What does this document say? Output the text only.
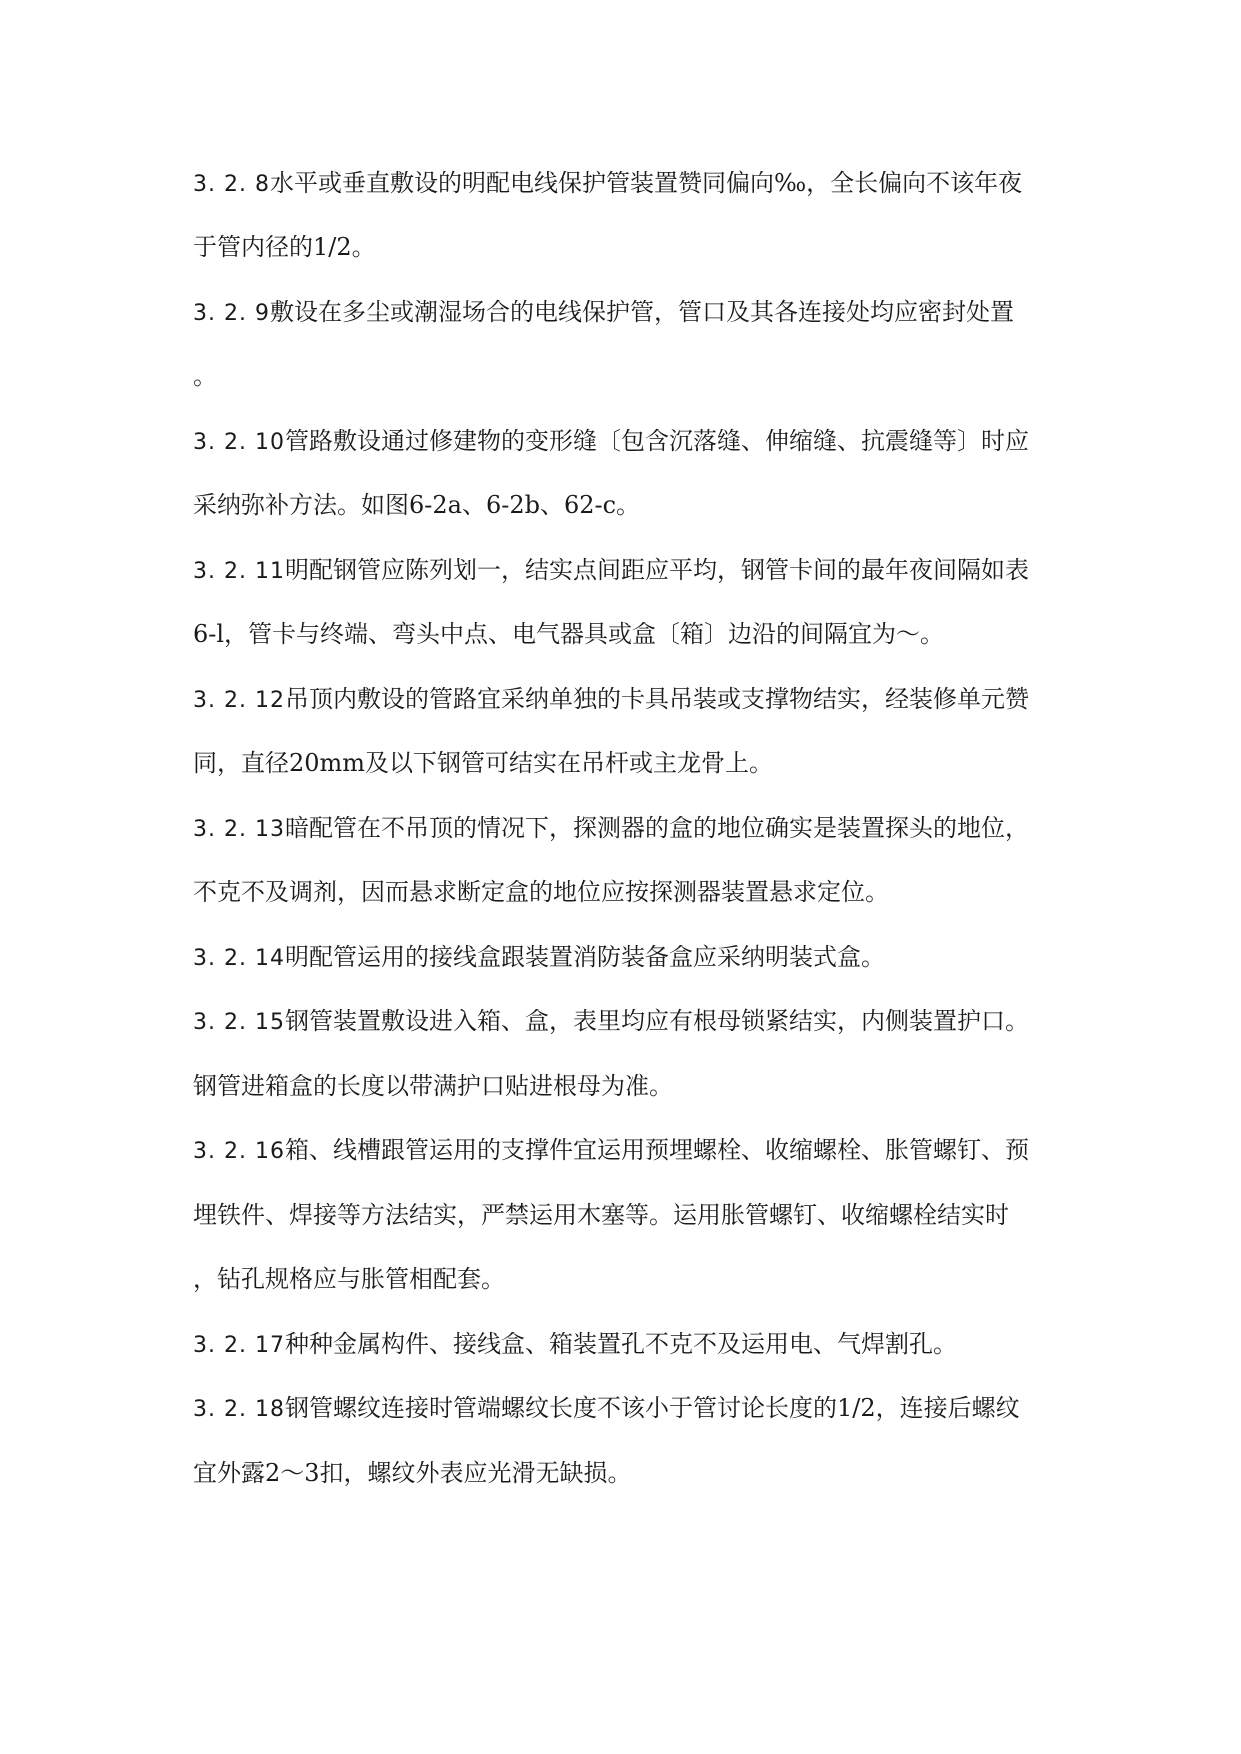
3. 2. 8水平或垂直敷设的明配电线保护管装置赞同偏向‰，全长偏向不该年夜
于管内径的1/2。
3. 2. 9敷设在多尘或潮湿场合的电线保护管，管口及其各连接处均应密封处置
。
3. 2. 10管路敷设通过修建物的变形缝〔包含沉落缝、伸缩缝、抗震缝等〕时应
采纳弥补方法。如图6-2a、6-2b、62-c。
3. 2. 11明配钢管应陈列划一，结实点间距应平均，钢管卡间的最年夜间隔如表
6-l，管卡与终端、弯头中点、电气器具或盒〔箱〕边沿的间隔宜为～。
3. 2. 12吊顶内敷设的管路宜采纳单独的卡具吊装或支撑物结实，经装修单元赞
同，直径20mm及以下钢管可结实在吊杆或主龙骨上。
3. 2. 13暗配管在不吊顶的情况下，探测器的盒的地位确实是装置探头的地位，
不克不及调剂，因而悬求断定盒的地位应按探测器装置悬求定位。
3. 2. 14明配管运用的接线盒跟装置消防装备盒应采纳明装式盒。
3. 2. 15钢管装置敷设进入箱、盒，表里均应有根母锁紧结实，内侧装置护口。
钢管进箱盒的长度以带满护口贴进根母为准。
3. 2. 16箱、线槽跟管运用的支撑件宜运用预埋螺栓、收缩螺栓、胀管螺钉、预
埋铁件、焊接等方法结实，严禁运用木塞等。运用胀管螺钉、收缩螺栓结实时
，钻孔规格应与胀管相配套。
3. 2. 17种种金属构件、接线盒、箱装置孔不克不及运用电、气焊割孔。
3. 2. 18钢管螺纹连接时管端螺纹长度不该小于管讨论长度的1/2，连接后螺纹
宜外露2～3扣，螺纹外表应光滑无缺损。
